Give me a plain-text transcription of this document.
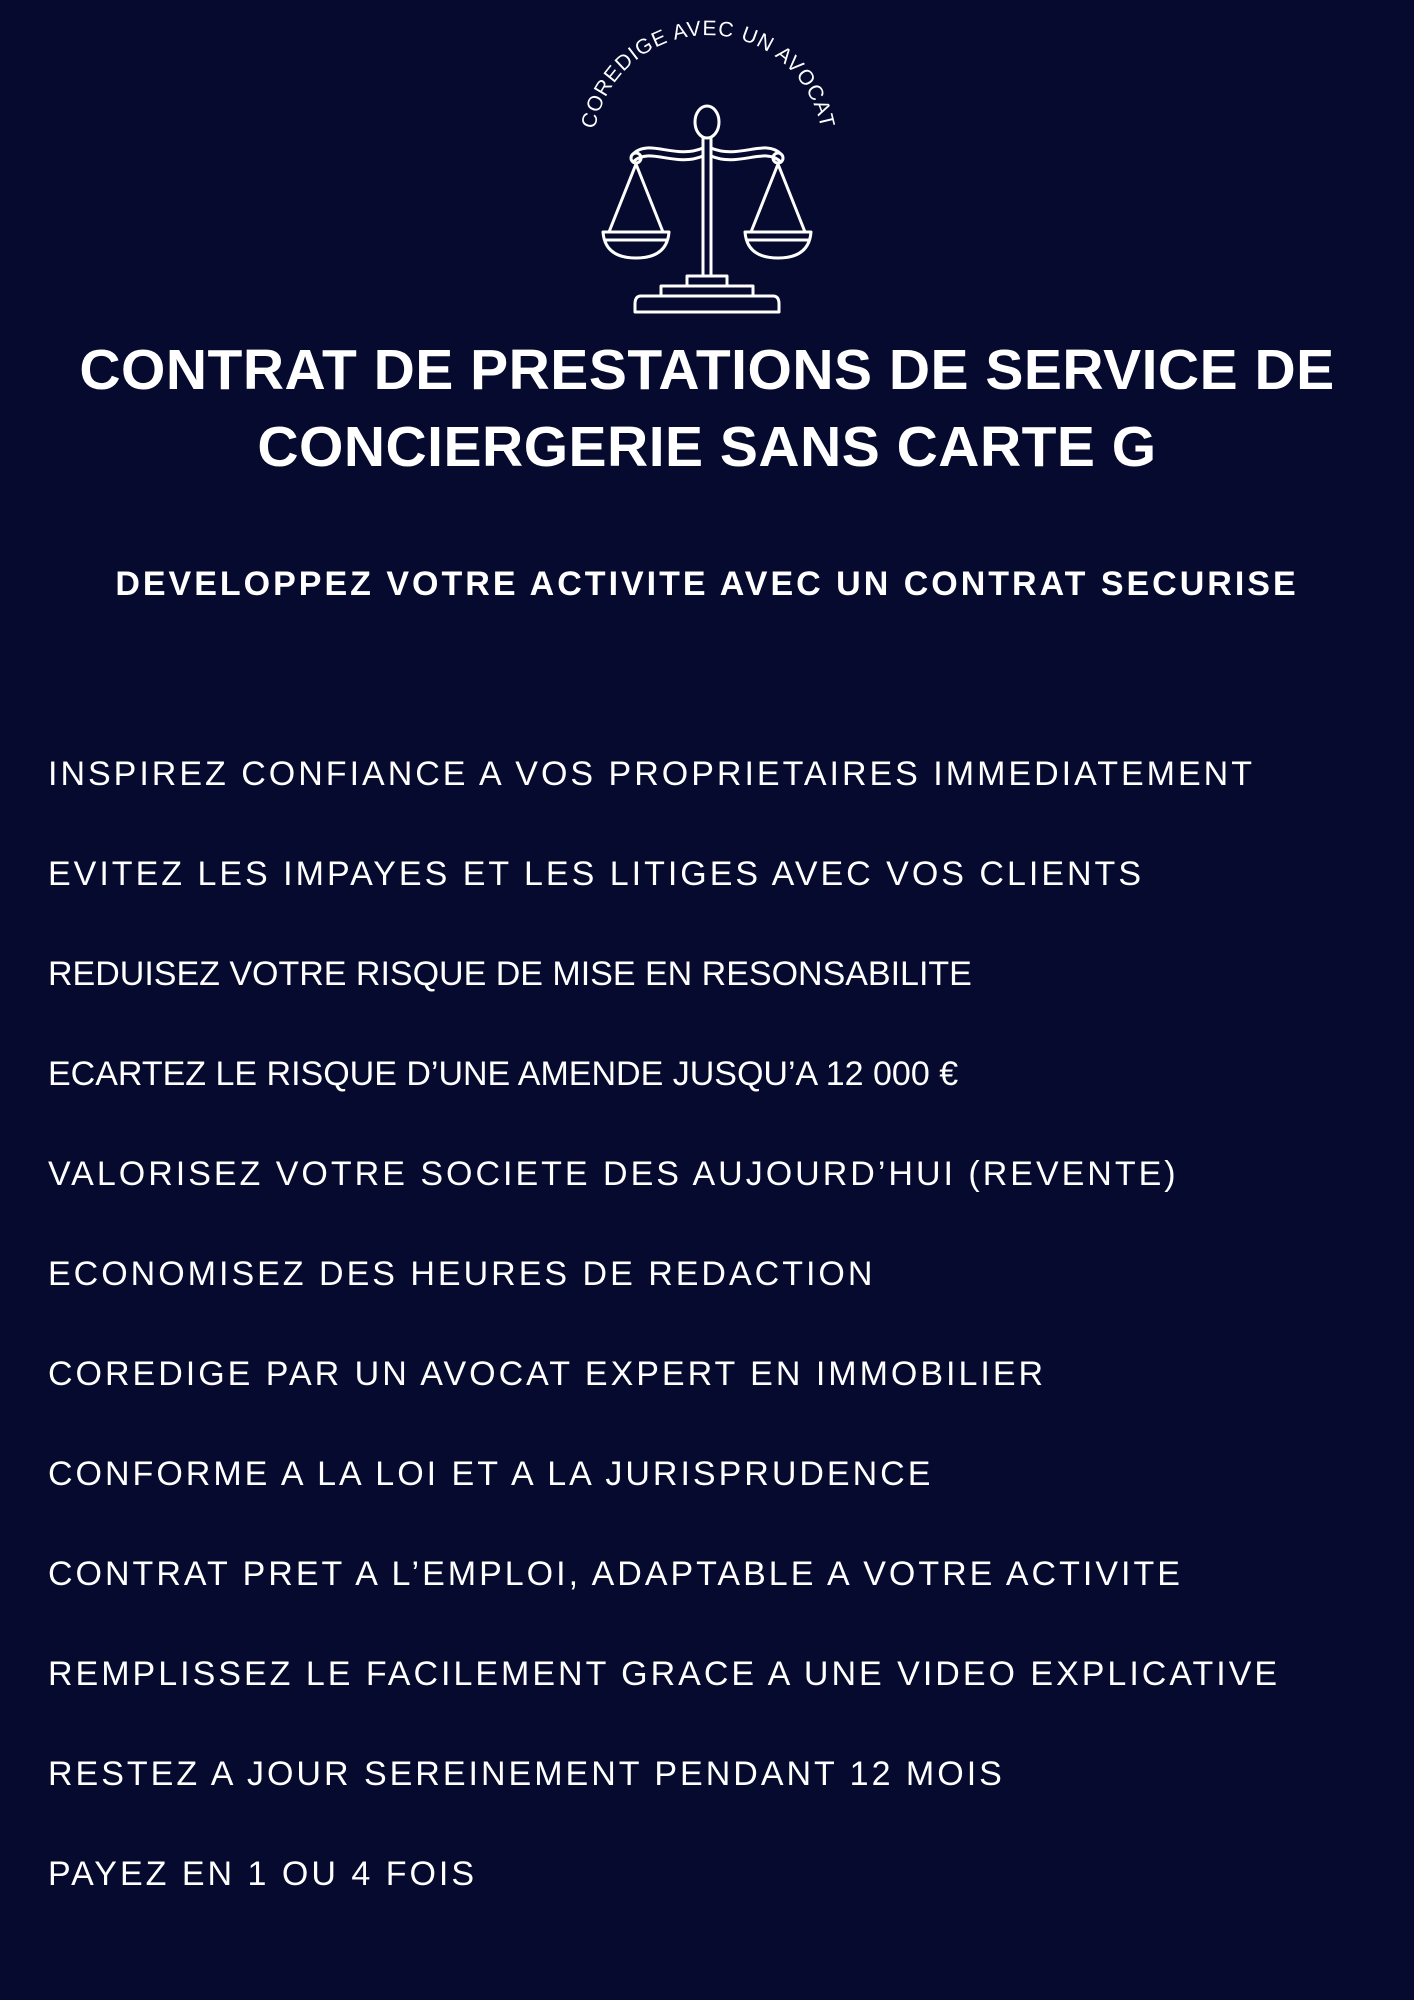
COREDIGE AVEC UN AVOCAT
CONTRAT DE PRESTATIONS DE SERVICE DE
CONCIERGERIE SANS CARTE G
DEVELOPPEZ VOTRE ACTIVITE AVEC UN CONTRAT SECURISE
INSPIREZ CONFIANCE A VOS PROPRIETAIRES IMMEDIATEMENT
EVITEZ LES IMPAYES ET LES LITIGES AVEC VOS CLIENTS
REDUISEZ VOTRE RISQUE DE MISE EN RESONSABILITE
ECARTEZ LE RISQUE D’UNE AMENDE JUSQU’A 12 000 €
VALORISEZ VOTRE SOCIETE DES AUJOURD’HUI (REVENTE)
ECONOMISEZ DES HEURES DE REDACTION
COREDIGE PAR UN AVOCAT EXPERT EN IMMOBILIER
CONFORME A LA LOI ET A LA JURISPRUDENCE
CONTRAT PRET A L’EMPLOI, ADAPTABLE A VOTRE ACTIVITE
REMPLISSEZ LE FACILEMENT GRACE A UNE VIDEO EXPLICATIVE
RESTEZ A JOUR SEREINEMENT PENDANT 12 MOIS
PAYEZ EN 1 OU 4 FOIS
